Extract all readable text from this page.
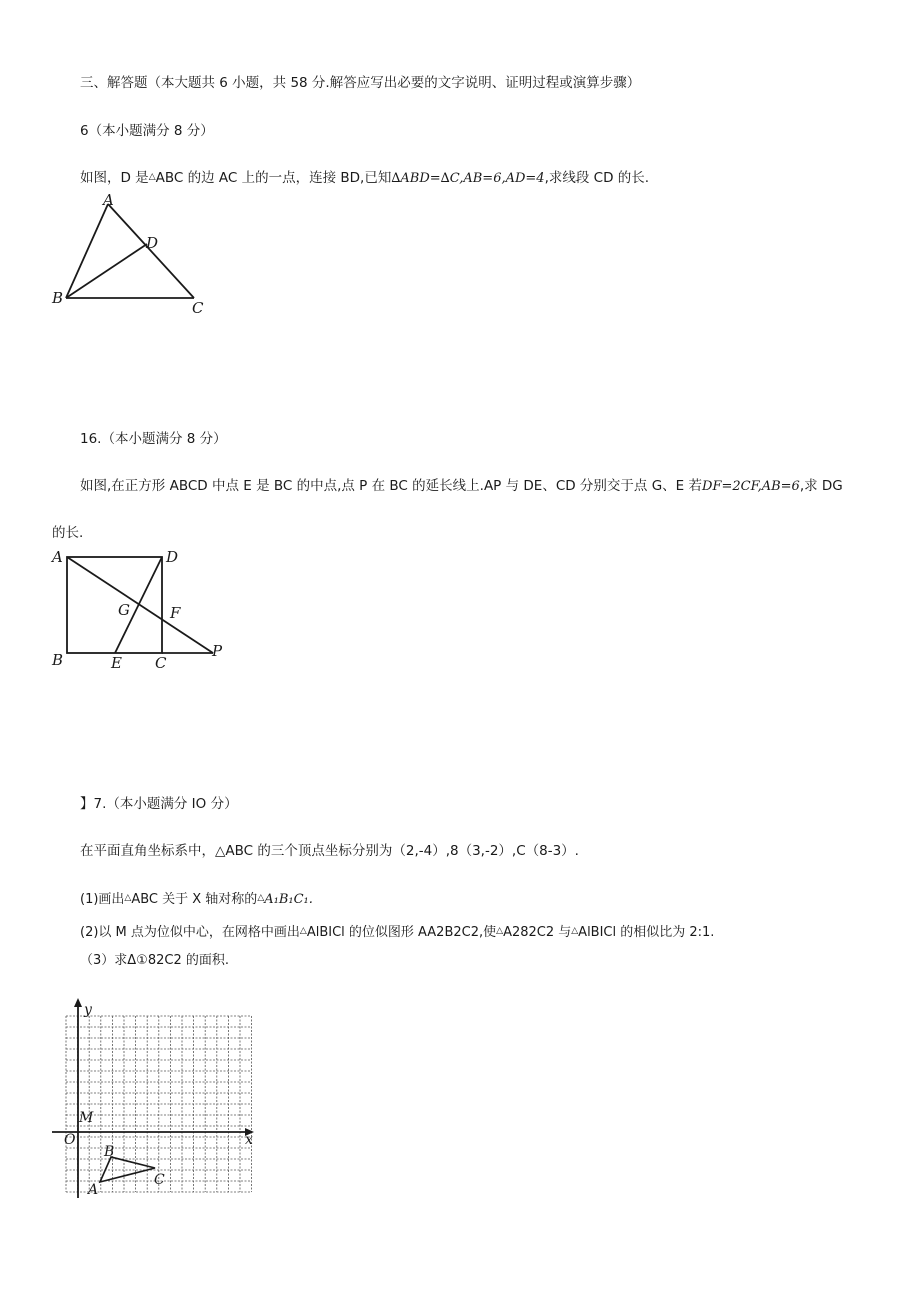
三、解答题（本大题共 6 小题，共 58 分.解答应写出必要的文字说明、证明过程或演算步骤）
6（本小题满分 8 分）
如图，D 是△ABC 的边 AC 上的一点，连接 BD,已知∆ABD=∆C,AB=6,AD=4,求线段 CD 的长.
A
B
C
D
16.（本小题满分 8 分）
如图,在正方形 ABCD 中点 E 是 BC 的中点,点 P 在 BC 的延长线上.AP 与 DE、CD 分别交于点 G、E 若DF=2CF,AB=6,求 DG
的长.
A	D
G	F
B	E C
P
】7.（本小题满分 IO 分）
在平面直角坐标系中，△ABC 的三个顶点坐标分别为（2,-4）,8（3,-2）,C（8-3）.
(1)画出△ABC 关于 X 轴对称的△A₁B₁C₁.
(2)以 M 点为位似中心，在网格中画出△AlBICl 的位似图形 AA2B2C2,使△A282C2 与△AlBICl 的相似比为 2:1.
（3）求Δ①82C2 的面积.
y
x
O
M
A
B
C
